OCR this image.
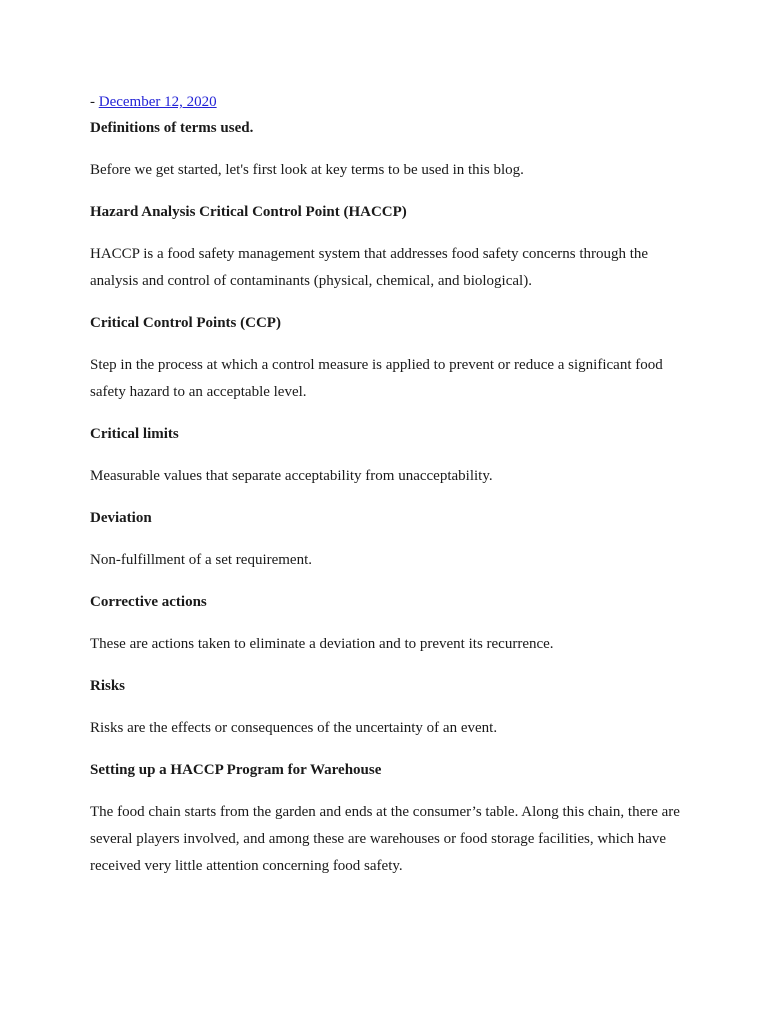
- December 12, 2020
Definitions of terms used.

Before we get started, let's first look at key terms to be used in this blog.

Hazard Analysis Critical Control Point (HACCP)

HACCP is a food safety management system that addresses food safety concerns through the analysis and control of contaminants (physical, chemical, and biological).

Critical Control Points (CCP)

Step in the process at which a control measure is applied to prevent or reduce a significant food safety hazard to an acceptable level.

Critical limits

Measurable values that separate acceptability from unacceptability.

Deviation

Non-fulfillment of a set requirement.

Corrective actions

These are actions taken to eliminate a deviation and to prevent its recurrence.

Risks

Risks are the effects or consequences of the uncertainty of an event.

Setting up a HACCP Program for Warehouse

The food chain starts from the garden and ends at the consumer’s table. Along this chain, there are several players involved, and among these are warehouses or food storage facilities, which have received very little attention concerning food safety.
